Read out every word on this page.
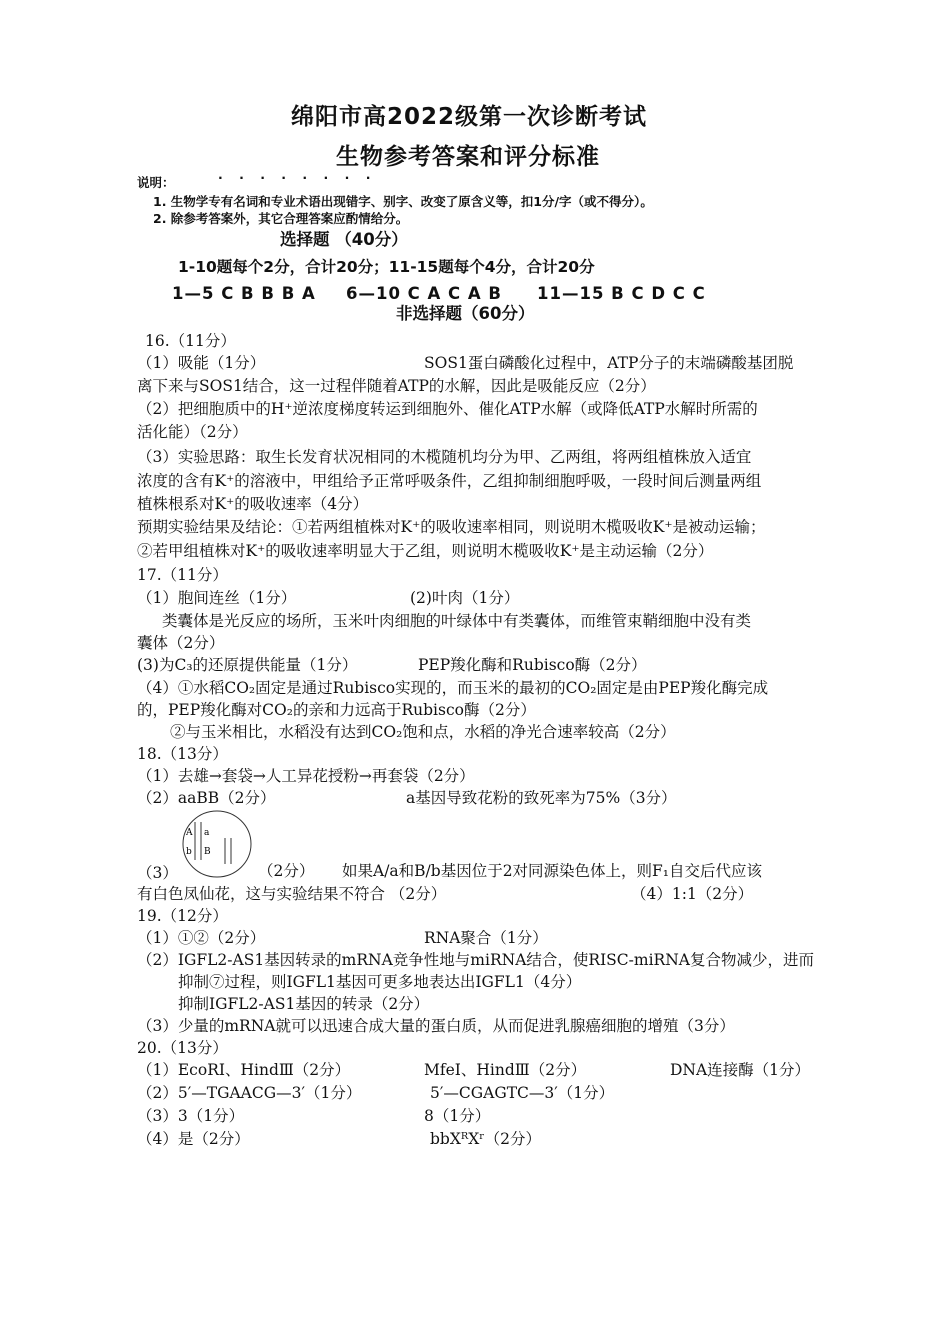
绵阳市高2022级第一次诊断考试
生物参考答案和评分标准
说明：	· · · · · · · ·
1. 生物学专有名词和专业术语出现错字、别字、改变了原含义等，扣1分/字（或不得分）。
2. 除参考答案外，其它合理答案应酌情给分。
选择题 （40分）
1-10题每个2分，合计20分；11-15题每个4分，合计20分
1—5 C B B B A 6—10 C A C A B 11—15 B C D C C
非选择题（60分）
16.（11分）
（1）吸能（1分）	SOS1蛋白磷酸化过程中，ATP分子的末端磷酸基团脱
离下来与SOS1结合，这一过程伴随着ATP的水解，因此是吸能反应（2分）
（2）把细胞质中的H⁺逆浓度梯度转运到细胞外、催化ATP水解（或降低ATP水解时所需的
活化能）（2分）
（3）实验思路：取生长发育状况相同的木榄随机均分为甲、乙两组，将两组植株放入适宜
浓度的含有K⁺的溶液中，甲组给予正常呼吸条件，乙组抑制细胞呼吸，一段时间后测量两组
植株根系对K⁺的吸收速率（4分）
预期实验结果及结论：①若两组植株对K⁺的吸收速率相同，则说明木榄吸收K⁺是被动运输；
②若甲组植株对K⁺的吸收速率明显大于乙组，则说明木榄吸收K⁺是主动运输（2分）
17.（11分）
（1）胞间连丝（1分）	(2)叶肉（1分）
类囊体是光反应的场所，玉米叶肉细胞的叶绿体中有类囊体，而维管束鞘细胞中没有类
囊体（2分）
(3)为C₃的还原提供能量（1分）	PEP羧化酶和Rubisco酶（2分）
（4）①水稻CO₂固定是通过Rubisco实现的，而玉米的最初的CO₂固定是由PEP羧化酶完成
的，PEP羧化酶对CO₂的亲和力远高于Rubisco酶（2分）
②与玉米相比，水稻没有达到CO₂饱和点，水稻的净光合速率较高（2分）
18.（13分）
（1）去雄→套袋→人工异花授粉→再套袋（2分）
（2）aaBB（2分）	a基因导致花粉的致死率为75%（3分）
A a
b B
（3）	（2分） 如果A/a和B/b基因位于2对同源染色体上，则F₁自交后代应该
有白色凤仙花，这与实验结果不符合 （2分）	（4）1:1（2分）
19.（12分）
（1）①②（2分）	RNA聚合（1分）
（2）IGFL2-AS1基因转录的mRNA竞争性地与miRNA结合，使RISC-miRNA复合物减少，进而
抑制⑦过程，则IGFL1基因可更多地表达出IGFL1（4分）
抑制IGFL2-AS1基因的转录（2分）
（3）少量的mRNA就可以迅速合成大量的蛋白质，从而促进乳腺癌细胞的增殖（3分）
20.（13分）
（1）EcoRI、HindⅢ（2分）	MfeI、HindⅢ（2分）	DNA连接酶（1分）
（2）5′—TGAACG—3′（1分）	5′—CGAGTC—3′（1分）
（3）3（1分）	8（1分）
（4）是（2分）	bbXᴿXʳ（2分）
